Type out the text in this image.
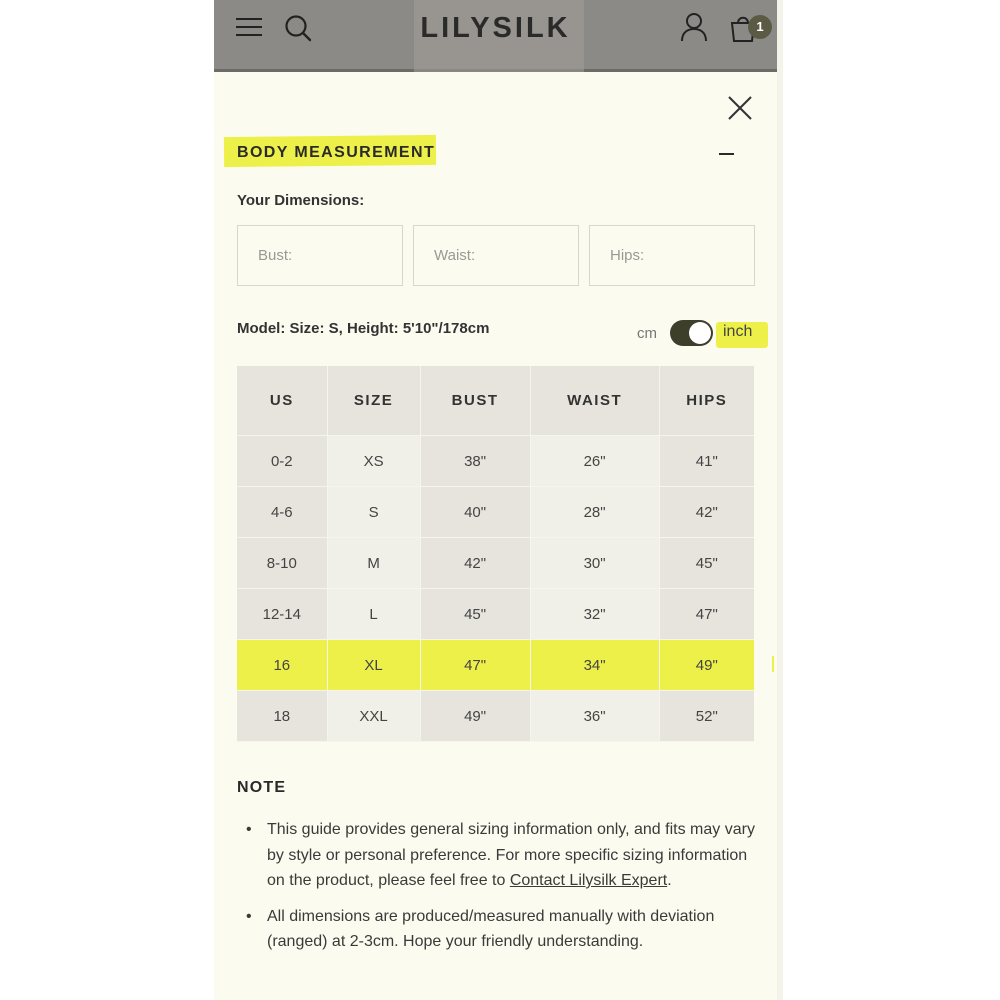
LILYSILK	1
BODY MEASUREMENT
Your Dimensions:
Bust:
Waist:
Hips:
Model: Size: S, Height: 5'10"/178cm	cm	inch
US	SIZE	BUST	WAIST	HIPS
0-2	XS	38"	26"	41"
4-6	S	40"	28"	42"
8-10	M	42"	30"	45"
12-14	L	45"	32"	47"
16	XL	47"	34"	49"
18	XXL	49"	36"	52"
NOTE
• This guide provides general sizing information only, and fits may vary by style or personal preference. For more specific sizing information on the product, please feel free to Contact Lilysilk Expert.
• All dimensions are produced/measured manually with deviation (ranged) at 2-3cm. Hope your friendly understanding.
